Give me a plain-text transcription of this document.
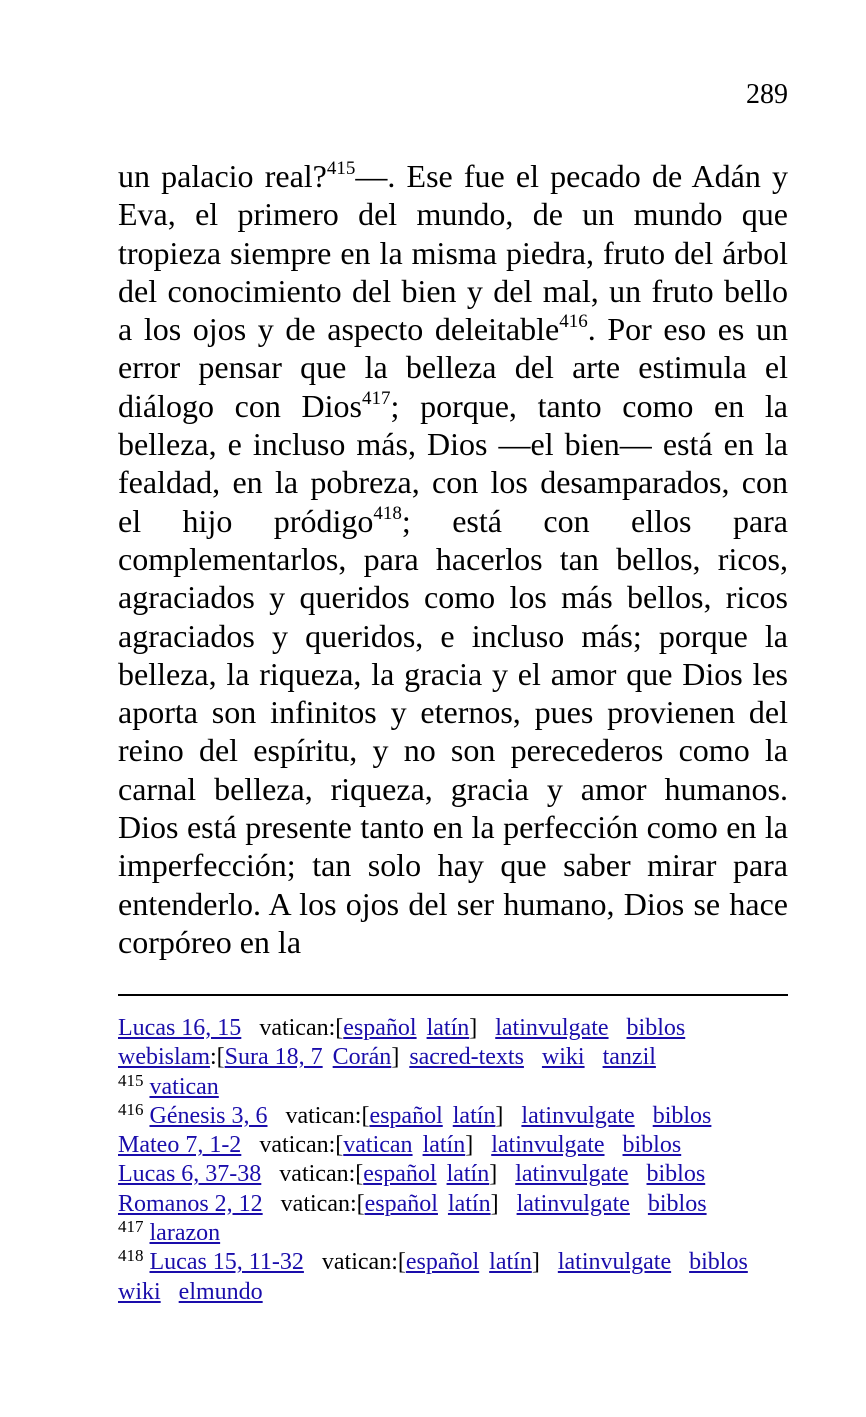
289

un palacio real?$^{415}$—. Ese fue el pecado de Adán y Eva, el primero del mundo, de un mundo que tropieza siempre en la misma piedra, fruto del árbol del conocimiento del bien y del mal, un fruto bello a los ojos y de aspecto deleitable$^{416}$. Por eso es un error pensar que la belleza del arte estimula el diálogo con Dios$^{417}$; porque, tanto como en la belleza, e incluso más, Dios —el bien— está en la fealdad, en la pobreza, con los desamparados, con el hijo pródigo$^{418}$; está con ellos para complementarlos, para hacerlos tan bellos, ricos, agraciados y queridos como los más bellos, ricos agraciados y queridos, e incluso más; porque la belleza, la riqueza, la gracia y el amor que Dios les aporta son infinitos y eternos, pues provienen del reino del espíritu, y no son perecederos como la carnal belleza, riqueza, gracia y amor humanos. Dios está presente tanto en la perfección como en la imperfección; tan solo hay que saber mirar para entenderlo. A los ojos del ser humano, Dios se hace corpóreo en la

Lucas 16, 15 vatican:[español latín] latinvulgate biblos
webislam:[Sura 18, 7 Corán] sacred-texts wiki tanzil
$^{415}$ vatican
$^{416}$ Génesis 3, 6 vatican:[español latín] latinvulgate biblos
Mateo 7, 1-2 vatican:[vatican latín] latinvulgate biblos
Lucas 6, 37-38 vatican:[español latín] latinvulgate biblos
Romanos 2, 12 vatican:[español latín] latinvulgate biblos
$^{417}$ larazon
$^{418}$ Lucas 15, 11-32 vatican:[español latín] latinvulgate biblos
wiki elmundo
